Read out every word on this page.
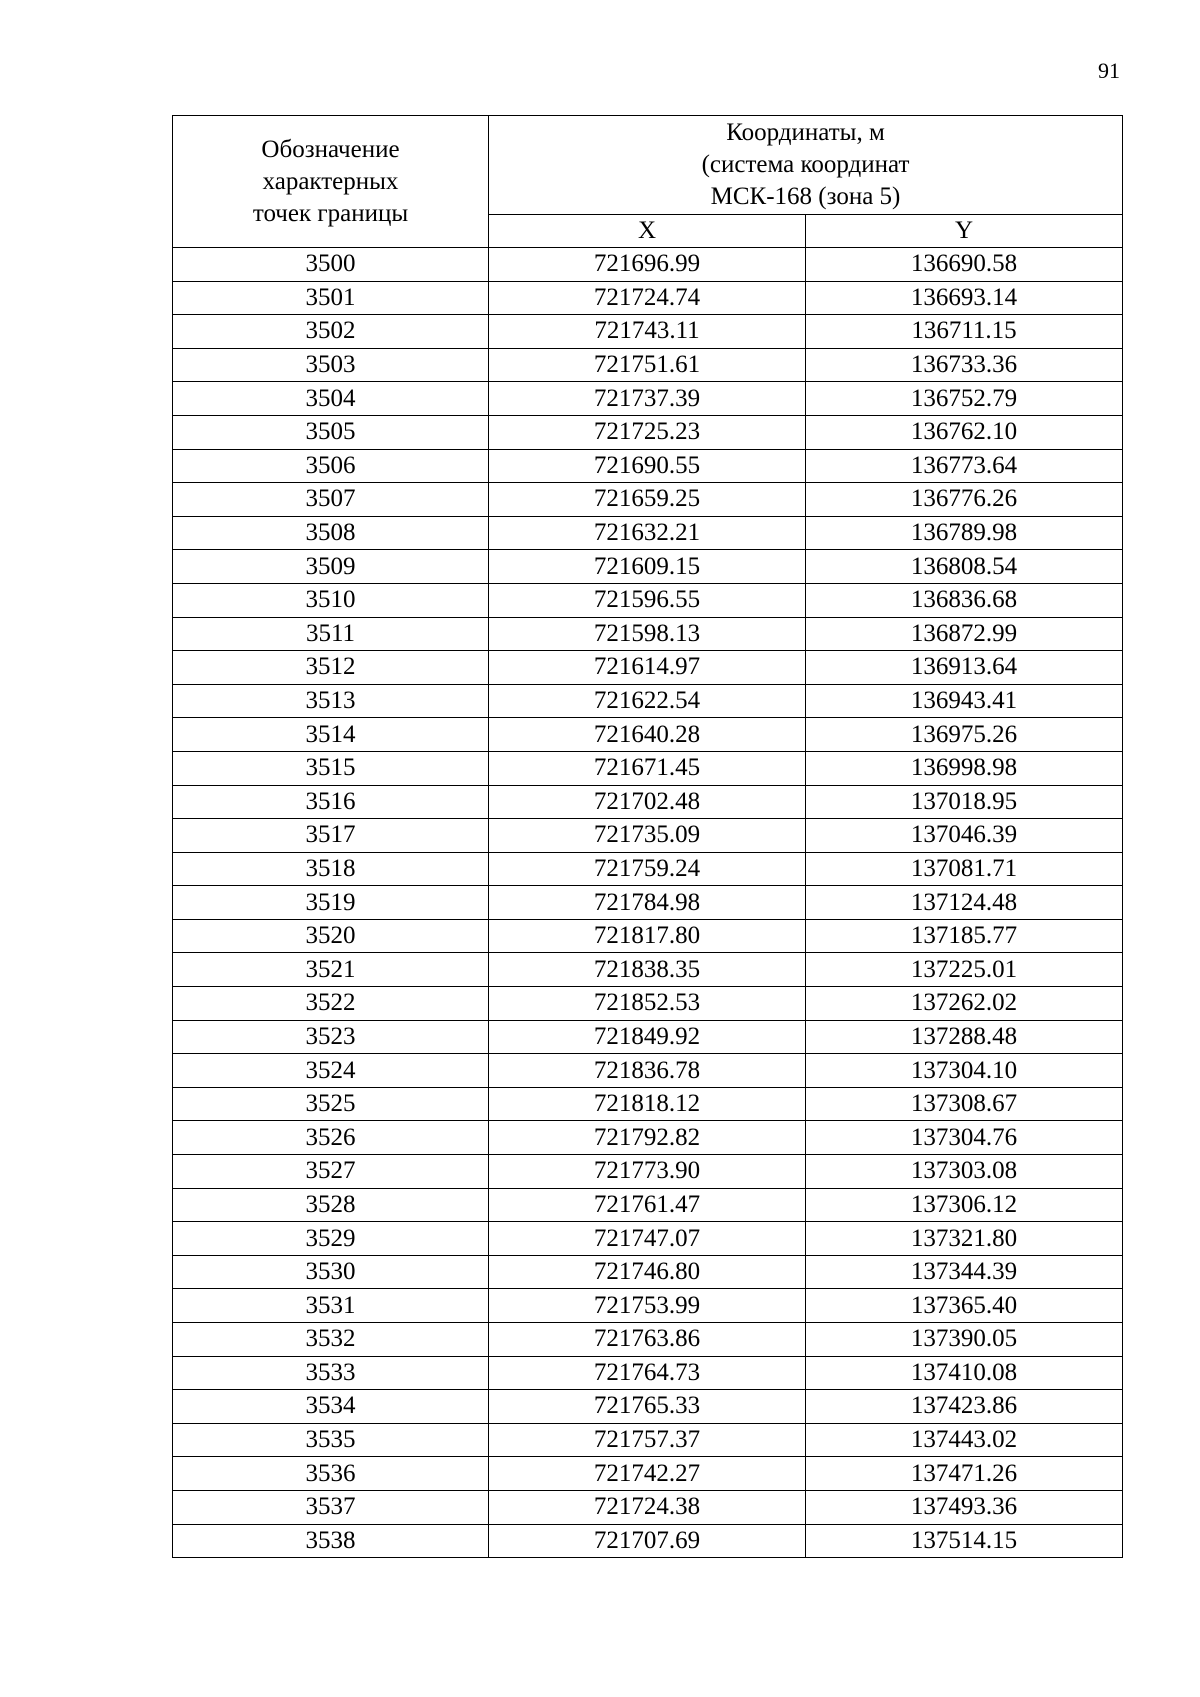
91
Обозначение
характерных
точек границы	Координаты, м
(система координат
МСК-168 (зона 5)	

	X	Y
3500	721696.99	136690.58
3501	721724.74	136693.14
3502	721743.11	136711.15
3503	721751.61	136733.36
3504	721737.39	136752.79
3505	721725.23	136762.10
3506	721690.55	136773.64
3507	721659.25	136776.26
3508	721632.21	136789.98
3509	721609.15	136808.54
3510	721596.55	136836.68
3511	721598.13	136872.99
3512	721614.97	136913.64
3513	721622.54	136943.41
3514	721640.28	136975.26
3515	721671.45	136998.98
3516	721702.48	137018.95
3517	721735.09	137046.39
3518	721759.24	137081.71
3519	721784.98	137124.48
3520	721817.80	137185.77
3521	721838.35	137225.01
3522	721852.53	137262.02
3523	721849.92	137288.48
3524	721836.78	137304.10
3525	721818.12	137308.67
3526	721792.82	137304.76
3527	721773.90	137303.08
3528	721761.47	137306.12
3529	721747.07	137321.80
3530	721746.80	137344.39
3531	721753.99	137365.40
3532	721763.86	137390.05
3533	721764.73	137410.08
3534	721765.33	137423.86
3535	721757.37	137443.02
3536	721742.27	137471.26
3537	721724.38	137493.36
3538	721707.69	137514.15
